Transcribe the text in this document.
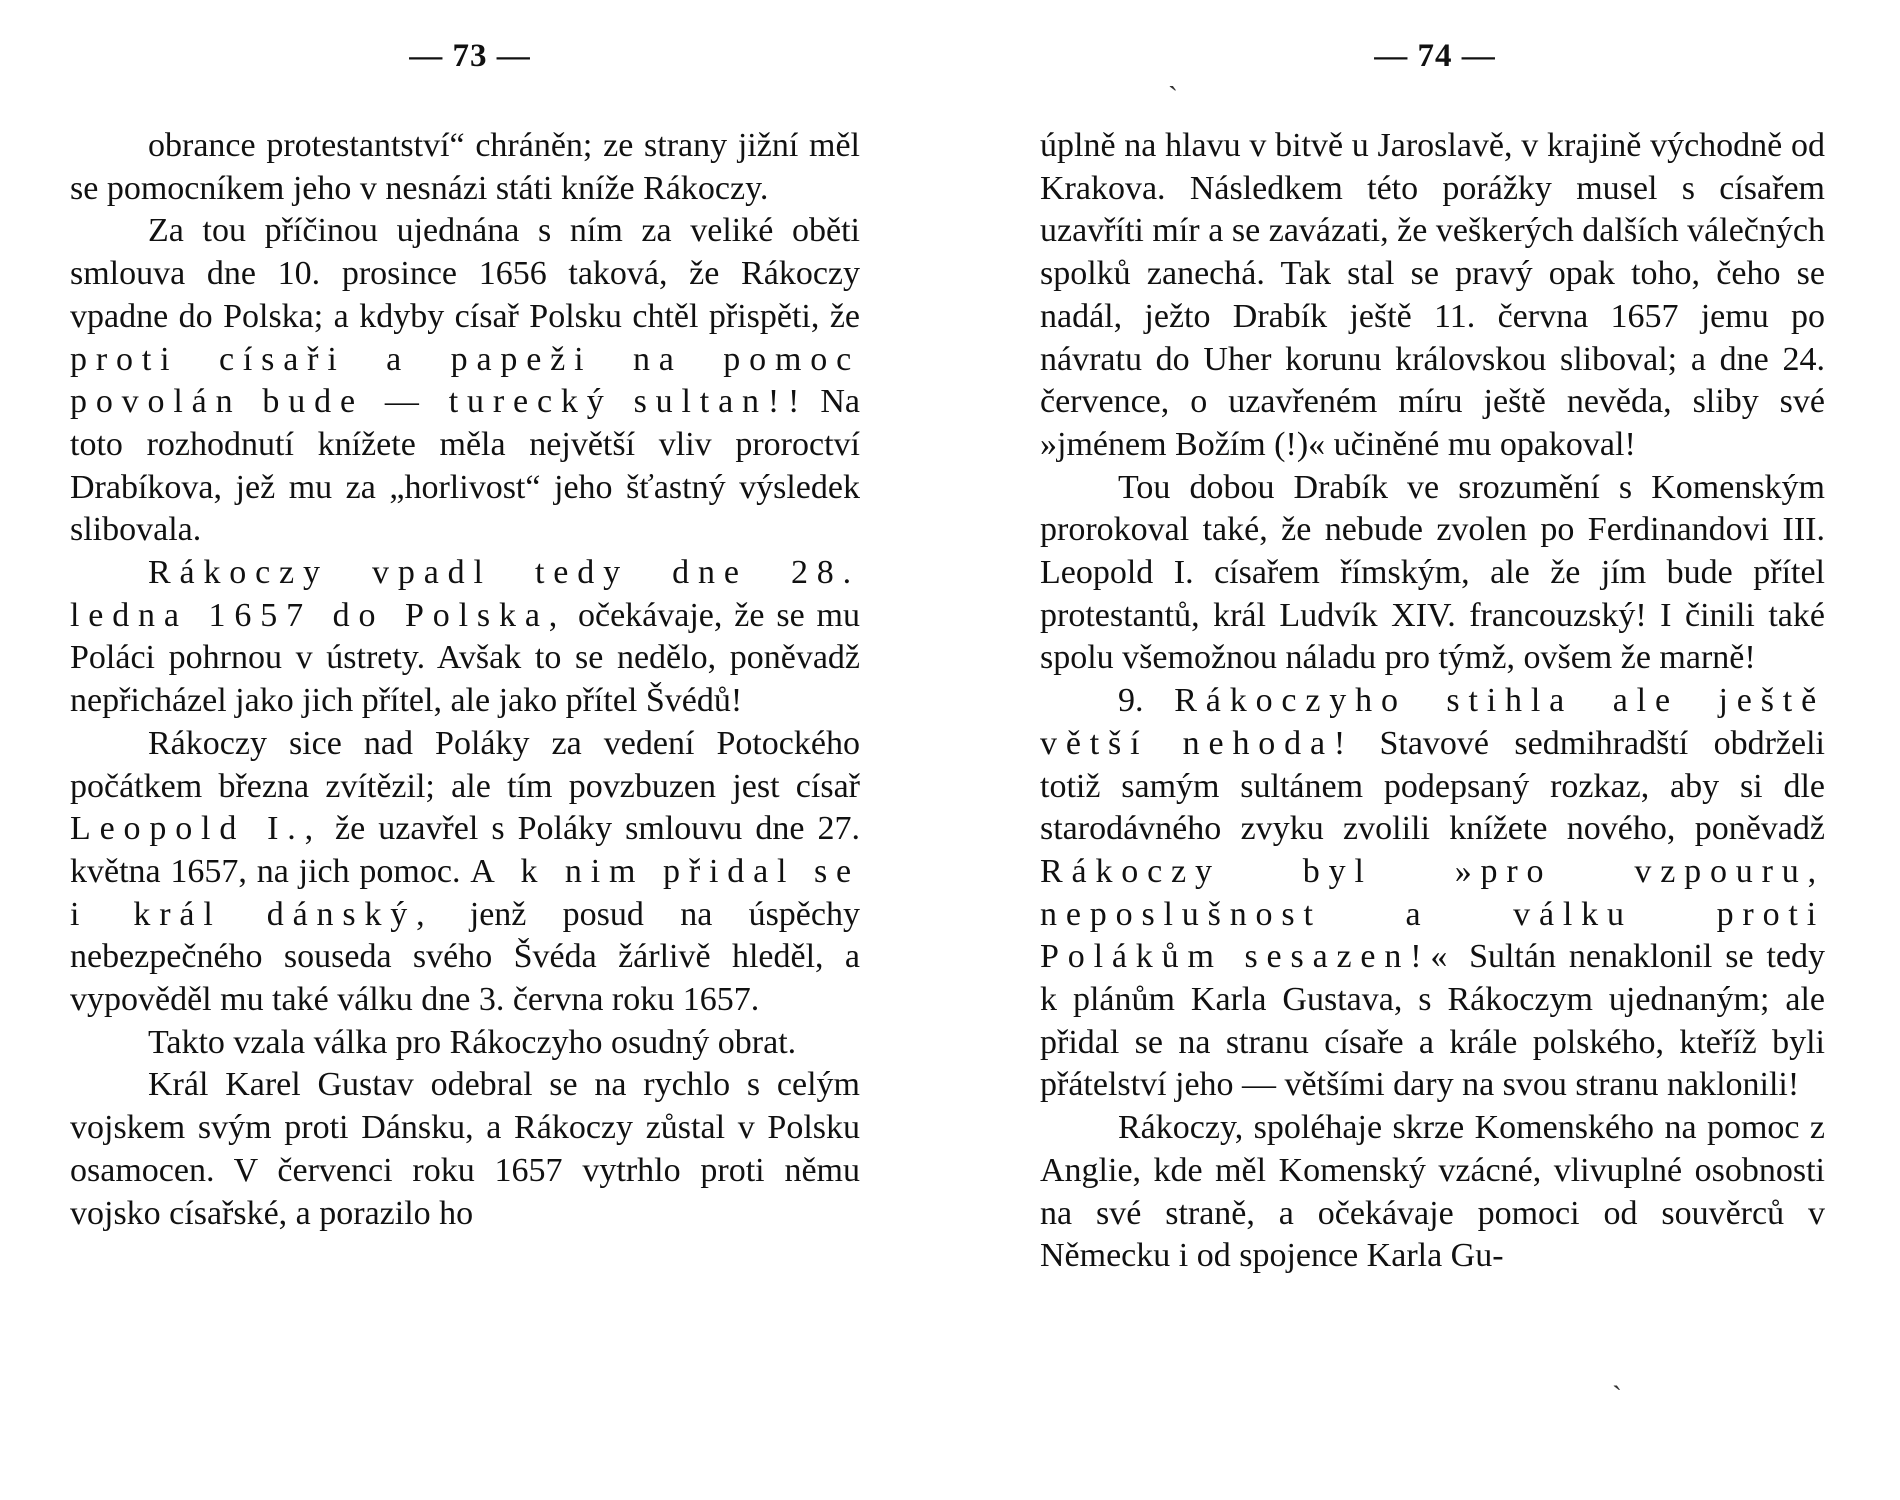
— 73 —

obrance protestantství“ chráněn; ze strany jižní měl se pomocníkem jeho v nesnázi státi kníže Rákoczy.

Za tou příčinou ujednána s ním za veliké oběti smlouva dne 10. prosince 1656 taková, že Rákoczy vpadne do Polska; a kdyby císař Polsku chtěl přispěti, že proti císaři a papeži na pomoc povolán bude — turecký sultan!! Na toto rozhodnutí knížete měla největší vliv proroctví Drabíkova, jež mu za „horlivost“ jeho šťastný výsledek slibovala.

Rákoczy vpadl tedy dne 28. ledna 1657 do Polska, očekávaje, že se mu Poláci pohrnou v ústrety. Avšak to se nedělo, poněvadž nepřicházel jako jich přítel, ale jako přítel Švédů!

Rákoczy sice nad Poláky za vedení Potockého počátkem března zvítězil; ale tím povzbuzen jest císař Leopold I., že uzavřel s Poláky smlouvu dne 27. května 1657, na jich pomoc. A k nim přidal se i král dánský, jenž posud na úspěchy nebezpečného souseda svého Švéda žárlivě hleděl, a vypověděl mu také válku dne 3. června roku 1657.

Takto vzala válka pro Rákoczyho osudný obrat.

Král Karel Gustav odebral se na rychlo s celým vojskem svým proti Dánsku, a Rákoczy zůstal v Polsku osamocen. V červenci roku 1657 vytrhlo proti němu vojsko císařské, a porazilo ho

— 74 —

úplně na hlavu v bitvě u Jaroslavě, v krajině východně od Krakova. Následkem této porážky musel s císařem uzavříti mír a se zavázati, že veškerých dalších válečných spolků zanechá. Tak stal se pravý opak toho, čeho se nadál, ježto Drabík ještě 11. června 1657 jemu po návratu do Uher korunu královskou sliboval; a dne 24. července, o uzavřeném míru ještě nevěda, sliby své »jménem Božím (!)« učiněné mu opakoval!

Tou dobou Drabík ve srozumění s Komenským prorokoval také, že nebude zvolen po Ferdinandovi III. Leopold I. císařem římským, ale že jím bude přítel protestantů, král Ludvík XIV. francouzský! I činili také spolu všemožnou náladu pro týmž, ovšem že marně!

9. Rákoczyho stihla ale ještě větší nehoda! Stavové sedmihradští obdrželi totiž samým sultánem podepsaný rozkaz, aby si dle starodávného zvyku zvolili knížete nového, poněvadž Rákoczy byl »pro vzpouru, neposlušnost a válku proti Polákům sesazen!« Sultán nenaklonil se tedy k plánům Karla Gustava, s Rákoczym ujednaným; ale přidal se na stranu císaře a krále polského, kteříž byli přátelství jeho — většími dary na svou stranu naklonili!

Rákoczy, spoléhaje skrze Komenského na pomoc z Anglie, kde měl Komenský vzácné, vlivuplné osobnosti na své straně, a očekávaje pomoci od souvěrců v Německu i od spojence Karla Gu-

ˏ
ˋ
